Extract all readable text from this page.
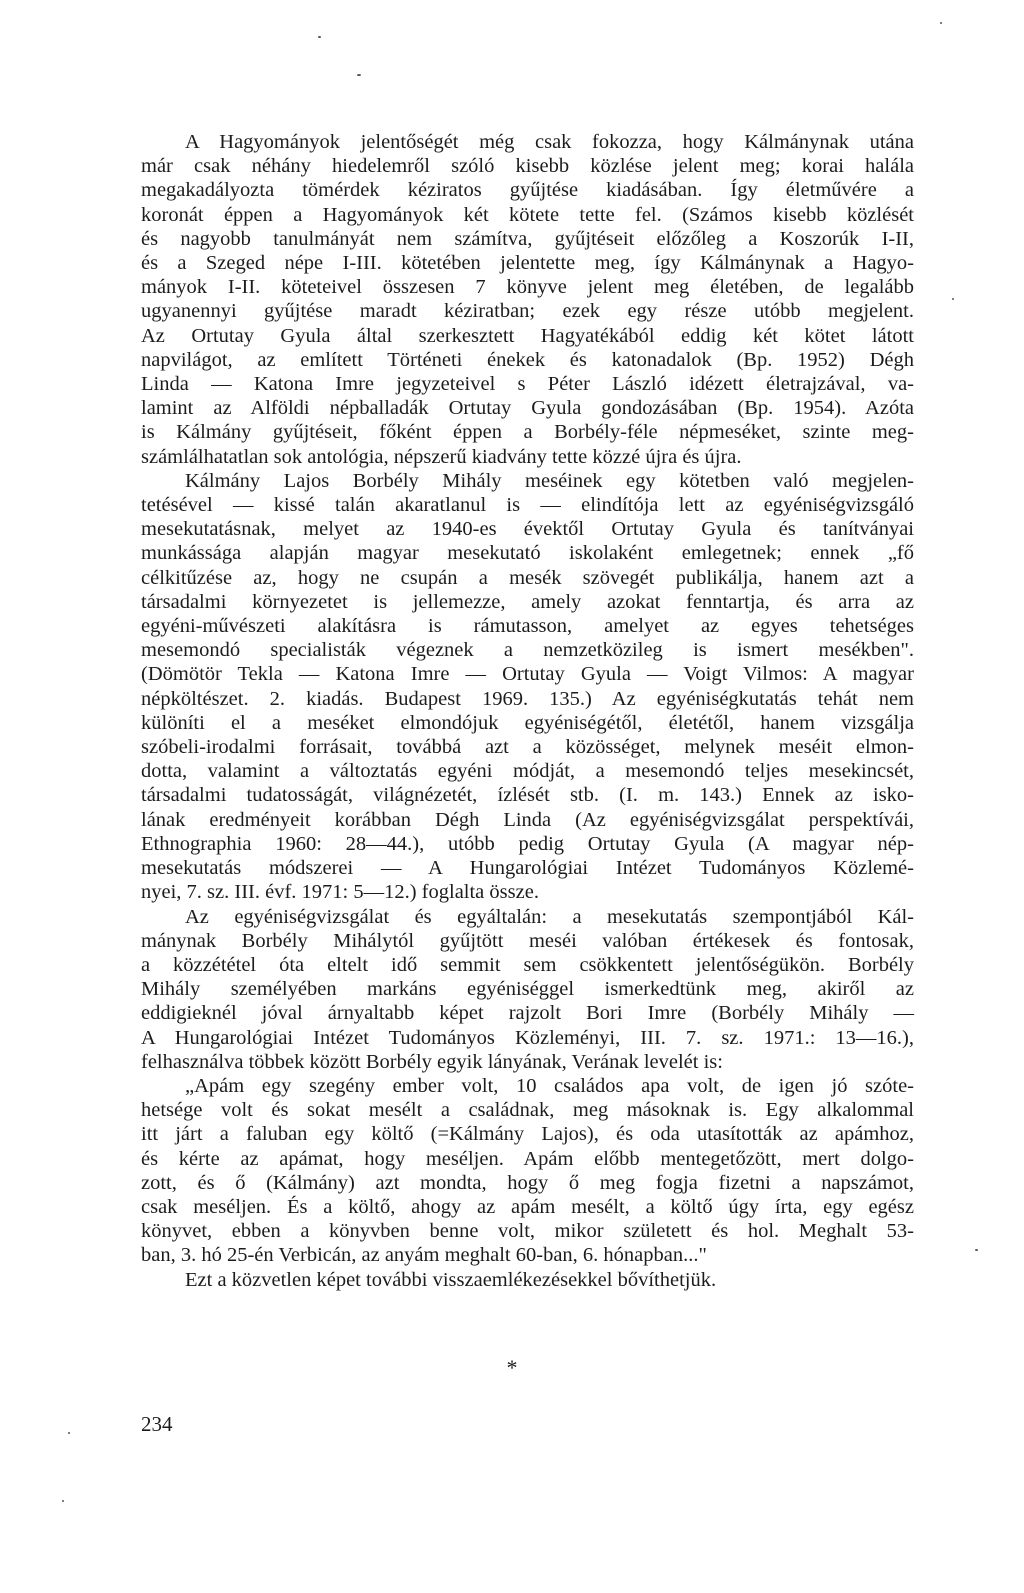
A Hagyományok jelentőségét még csak fokozza, hogy Kálmánynak utána
már csak néhány hiedelemről szóló kisebb közlése jelent meg; korai halála
megakadályozta tömérdek kéziratos gyűjtése kiadásában. Így életművére a
koronát éppen a Hagyományok két kötete tette fel. (Számos kisebb közlését
és nagyobb tanulmányát nem számítva, gyűjtéseit előzőleg a Koszorúk I-II,
és a Szeged népe I-III. kötetében jelentette meg, így Kálmánynak a Hagyo-
mányok I-II. köteteivel összesen 7 könyve jelent meg életében, de legalább
ugyanennyi gyűjtése maradt kéziratban; ezek egy része utóbb megjelent.
Az Ortutay Gyula által szerkesztett Hagyatékából eddig két kötet látott
napvilágot, az említett Történeti énekek és katonadalok (Bp. 1952) Dégh
Linda — Katona Imre jegyzeteivel s Péter László idézett életrajzával, va-
lamint az Alföldi népballadák Ortutay Gyula gondozásában (Bp. 1954). Azóta
is Kálmány gyűjtéseit, főként éppen a Borbély-féle népmeséket, szinte meg-
számlálhatatlan sok antológia, népszerű kiadvány tette közzé újra és újra.

Kálmány Lajos Borbély Mihály meséinek egy kötetben való megjelen-
tetésével — kissé talán akaratlanul is — elindítója lett az egyéniségvizsgáló
mesekutatásnak, melyet az 1940-es évektől Ortutay Gyula és tanítványai
munkássága alapján magyar mesekutató iskolaként emlegetnek; ennek „fő
célkitűzése az, hogy ne csupán a mesék szövegét publikálja, hanem azt a
társadalmi környezetet is jellemezze, amely azokat fenntartja, és arra az
egyéni-művészeti alakításra is rámutasson, amelyet az egyes tehetséges
mesemondó specialisták végeznek a nemzetközileg is ismert mesékben".
(Dömötör Tekla — Katona Imre — Ortutay Gyula — Voigt Vilmos: A magyar
népköltészet. 2. kiadás. Budapest 1969. 135.) Az egyéniségkutatás tehát nem
különíti el a meséket elmondójuk egyéniségétől, életétől, hanem vizsgálja
szóbeli-irodalmi forrásait, továbbá azt a közösséget, melynek meséit elmon-
dotta, valamint a változtatás egyéni módját, a mesemondó teljes mesekincsét,
társadalmi tudatosságát, világnézetét, ízlését stb. (I. m. 143.) Ennek az isko-
lának eredményeit korábban Dégh Linda (Az egyéniségvizsgálat perspektívái,
Ethnographia 1960: 28—44.), utóbb pedig Ortutay Gyula (A magyar nép-
mesekutatás módszerei — A Hungarológiai Intézet Tudományos Közlemé-
nyei, 7. sz. III. évf. 1971: 5—12.) foglalta össze.

Az egyéniségvizsgálat és egyáltalán: a mesekutatás szempontjából Kál-
mánynak Borbély Mihálytól gyűjtött meséi valóban értékesek és fontosak,
a közzététel óta eltelt idő semmit sem csökkentett jelentőségükön. Borbély
Mihály személyében markáns egyéniséggel ismerkedtünk meg, akiről az
eddigieknél jóval árnyaltabb képet rajzolt Bori Imre (Borbély Mihály —
A Hungarológiai Intézet Tudományos Közleményi, III. 7. sz. 1971.: 13—16.),
felhasználva többek között Borbély egyik lányának, Verának levelét is:

„Apám egy szegény ember volt, 10 családos apa volt, de igen jó szóte-
hetsége volt és sokat mesélt a családnak, meg másoknak is. Egy alkalommal
itt járt a faluban egy költő (=Kálmány Lajos), és oda utasították az apámhoz,
és kérte az apámat, hogy meséljen. Apám előbb mentegetőzött, mert dolgo-
zott, és ő (Kálmány) azt mondta, hogy ő meg fogja fizetni a napszámot,
csak meséljen. És a költő, ahogy az apám mesélt, a költő úgy írta, egy egész
könyvet, ebben a könyvben benne volt, mikor született és hol. Meghalt 53-
ban, 3. hó 25-én Verbicán, az anyám meghalt 60-ban, 6. hónapban..."

Ezt a közvetlen képet további visszaemlékezésekkel bővíthetjük.

*
234
